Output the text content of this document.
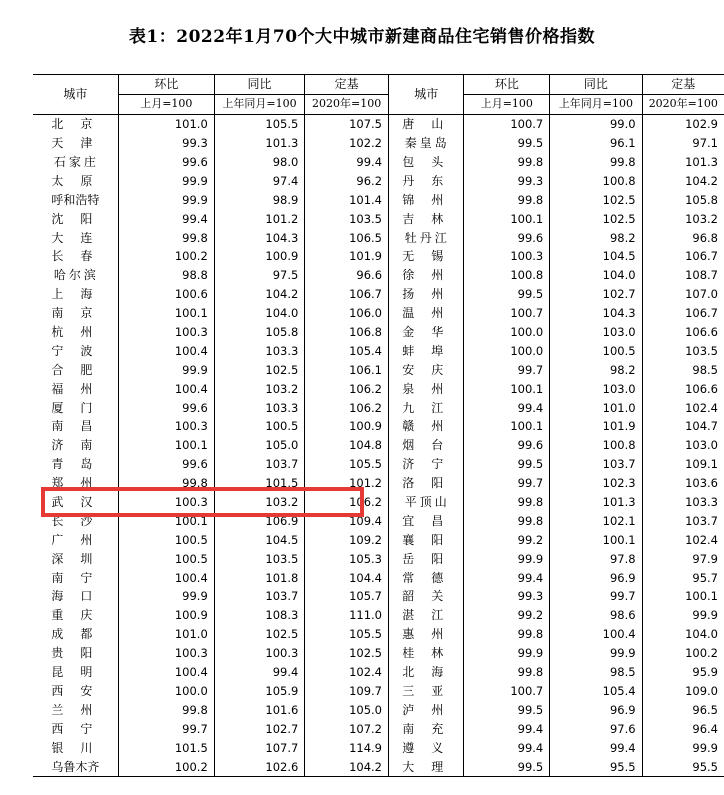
表1：2022年1月70个大中城市新建商品住宅销售价格指数
城市	环比	同比	定基	城市	环比	同比	定基
	上月=100	上年同月=100	2020年=100		上月=100	上年同月=100	2020年=100
北京	101.0	105.5	107.5	唐山	100.7	99.0	102.9
天津	99.3	101.3	102.2	秦皇岛	99.5	96.1	97.1
石家庄	99.6	98.0	99.4	包头	99.8	99.8	101.3
太原	99.9	97.4	96.2	丹东	99.3	100.8	104.2
呼和浩特	99.9	98.9	101.4	锦州	99.8	102.5	105.8
沈阳	99.4	101.2	103.5	吉林	100.1	102.5	103.2
大连	99.8	104.3	106.5	牡丹江	99.6	98.2	96.8
长春	100.2	100.9	101.9	无锡	100.3	104.5	106.7
哈尔滨	98.8	97.5	96.6	徐州	100.8	104.0	108.7
上海	100.6	104.2	106.7	扬州	99.5	102.7	107.0
南京	100.1	104.0	106.0	温州	100.7	104.3	106.7
杭州	100.3	105.8	106.8	金华	100.0	103.0	106.6
宁波	100.4	103.3	105.4	蚌埠	100.0	100.5	103.5
合肥	99.9	102.5	106.1	安庆	99.7	98.2	98.5
福州	100.4	103.2	106.2	泉州	100.1	103.0	106.6
厦门	99.6	103.3	106.2	九江	99.4	101.0	102.4
南昌	100.3	100.5	100.9	赣州	100.1	101.9	104.7
济南	100.1	105.0	104.8	烟台	99.6	100.8	103.0
青岛	99.6	103.7	105.5	济宁	99.5	103.7	109.1
郑州	99.8	101.5	101.2	洛阳	99.7	102.3	103.6
武汉	100.3	103.2	106.2	平顶山	99.8	101.3	103.3
长沙	100.1	106.9	109.4	宜昌	99.8	102.1	103.7
广州	100.5	104.5	109.2	襄阳	99.2	100.1	102.4
深圳	100.5	103.5	105.3	岳阳	99.9	97.8	97.9
南宁	100.4	101.8	104.4	常德	99.4	96.9	95.7
海口	99.9	103.7	105.7	韶关	99.3	99.7	100.1
重庆	100.9	108.3	111.0	湛江	99.2	98.6	99.9
成都	101.0	102.5	105.5	惠州	99.8	100.4	104.0
贵阳	100.3	100.3	102.5	桂林	99.9	99.9	100.2
昆明	100.4	99.4	102.4	北海	99.8	98.5	95.9
西安	100.0	105.9	109.7	三亚	100.7	105.4	109.0
兰州	99.8	101.6	105.0	泸州	99.5	96.9	96.5
西宁	99.7	102.7	107.2	南充	99.4	97.6	96.4
银川	101.5	107.7	114.9	遵义	99.4	99.4	99.9
乌鲁木齐	100.2	102.6	104.2	大理	99.5	95.5	95.5
